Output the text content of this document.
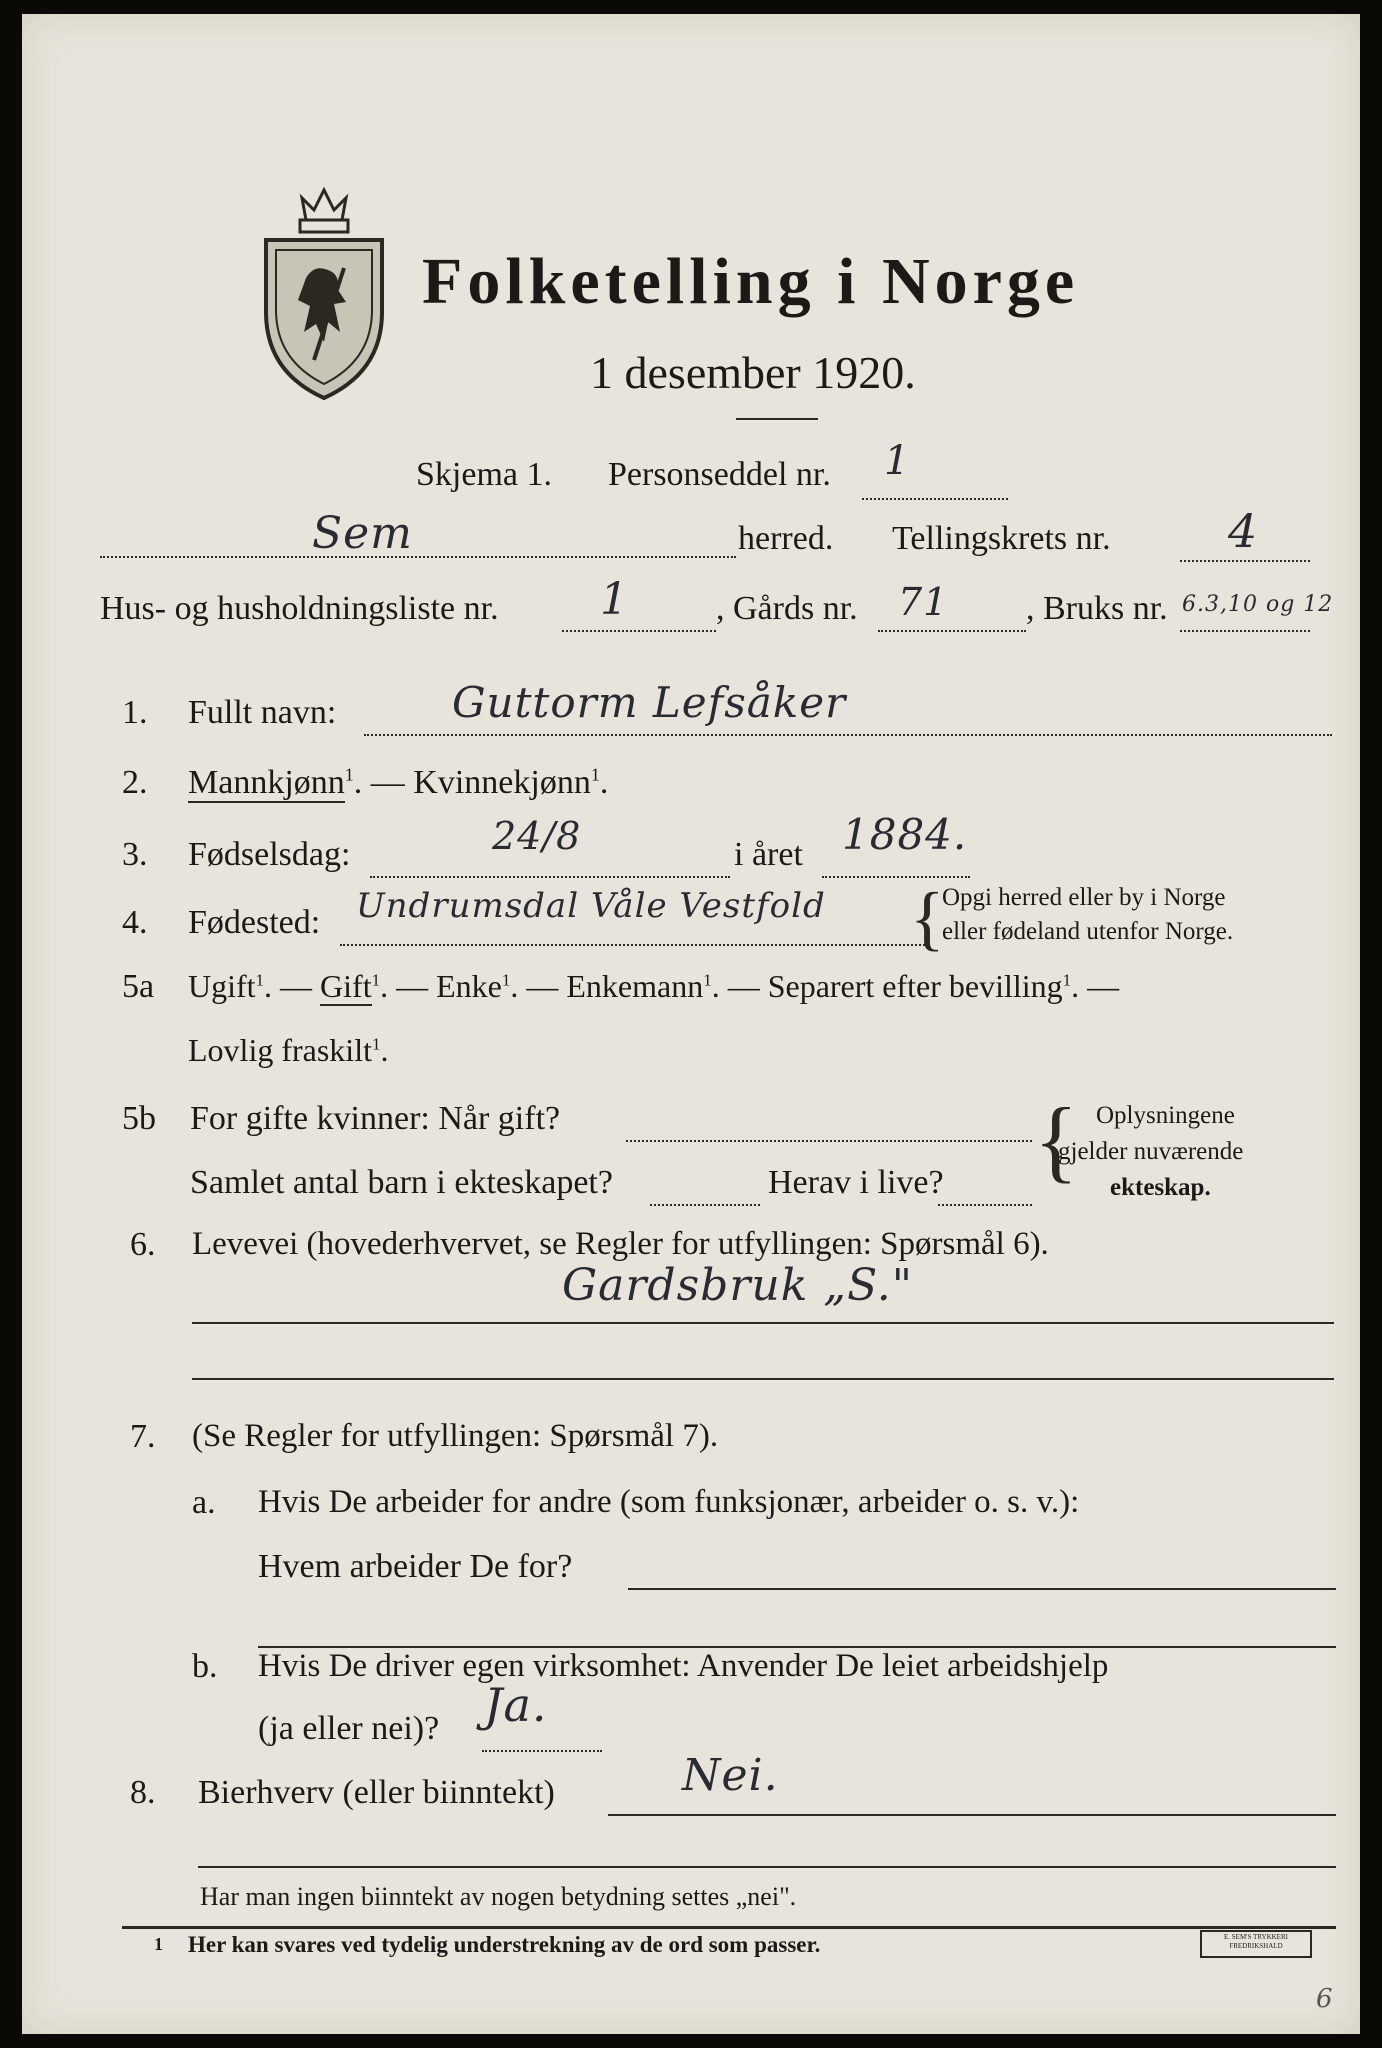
Folketelling i Norge
1 desember 1920.
Skjema 1. Personseddel nr. 1
Sem	herred. Tellingskrets nr.	4
Hus- og husholdningsliste nr. 1	, Gårds nr. 71 , Bruks nr. 6.3,10 og 12
1. Fullt navn:	Guttorm Lefsåker
2. Mannkjønn$^1$. — Kvinnekjønn$^1$.
3. Fødselsdag:	24/8	i året 1884.
4. Fødested: Undrumsdal Våle Vestfold {
Opgi herred eller by i Norge
eller fødeland utenfor Norge.
5a Ugift$^1$. — Gift$^1$. — Enke$^1$. — Enkemann$^1$. — Separert efter bevilling$^1$. —
Lovlig fraskilt$^1$.
5b For gifte kvinner: Når gift?
Samlet antal barn i ekteskapet?	Herav i live? { Oplysningene
gjelder nuværende
ekteskap.
6. Levevei (hovederhvervet, se Regler for utfyllingen: Spørsmål 6).
Gardsbruk „S."
7. (Se Regler for utfyllingen: Spørsmål 7).
a. Hvis De arbeider for andre (som funksjonær, arbeider o. s. v.):
Hvem arbeider De for?
b. Hvis De driver egen virksomhet: Anvender De leiet arbeidshjelp
(ja eller nei)? Ja.
8. Bierhverv (eller biinntekt)	Nei.
Har man ingen biinntekt av nogen betydning settes „nei".
1 Her kan svares ved tydelig understrekning av de ord som passer.	E. SEM'S TRYKKERI FREDRIKSHALD
6
